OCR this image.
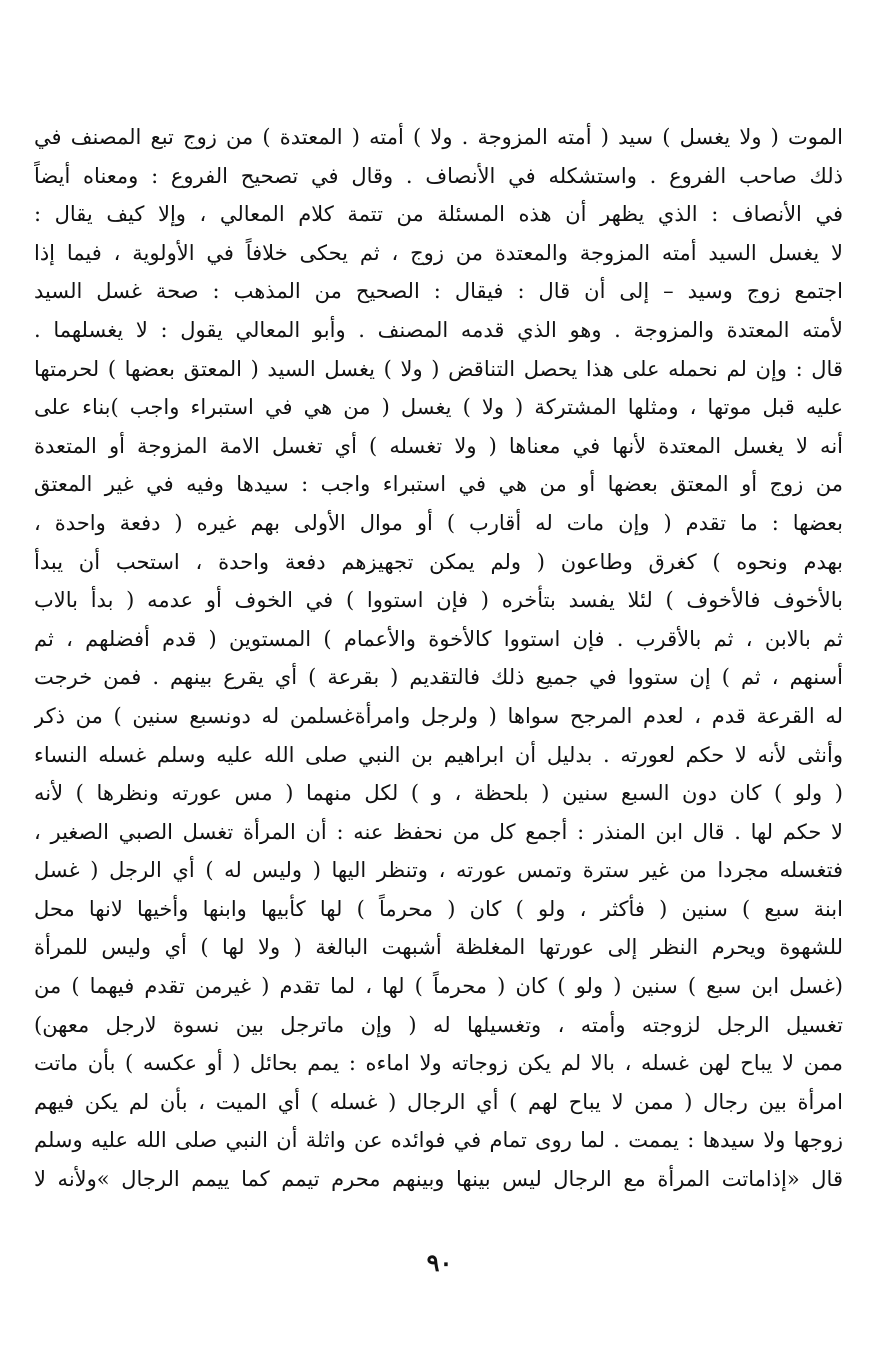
الموت ( ولا يغسل ) سيد ( أمته المزوجة . ولا ) أمته ( المعتدة ) من زوج تبع المصنف في
ذلك صاحب الفروع . واستشكله في الأنصاف . وقال في تصحيح الفروع : ومعناه أيضاً
في الأنصاف : الذي يظهر أن هذه المسئلة من تتمة كلام المعالي ، وإلا كيف يقال :
لا يغسل السيد أمته المزوجة والمعتدة من زوج ، ثم يحكى خلافاً في الأولوية ، فيما إذا
اجتمع زوج وسيد – إلى أن قال : فيقال : الصحيح من المذهب : صحة غسل السيد
لأمته المعتدة والمزوجة . وهو الذي قدمه المصنف . وأبو المعالي يقول : لا يغسلهما .
قال : وإن لم نحمله على هذا يحصل التناقض ( ولا ) يغسل السيد ( المعتق بعضها ) لحرمتها
عليه قبل موتها ، ومثلها المشتركة ( ولا ) يغسل ( من هي في استبراء واجب )بناء على
أنه لا يغسل المعتدة لأنها في معناها ( ولا تغسله ) أي تغسل الامة المزوجة أو المتعدة
من زوج أو المعتق بعضها أو من هي في استبراء واجب : سيدها وفيه في غير المعتق
بعضها : ما تقدم ( وإن مات له أقارب ) أو موال الأولى بهم غيره ( دفعة واحدة ،
بهدم ونحوه ) كغرق وطاعون ( ولم يمكن تجهيزهم دفعة واحدة ، استحب أن يبدأ
بالأخوف فالأخوف ) لئلا يفسد بتأخره ( فإن استووا ) في الخوف أو عدمه ( بدأ بالاب
ثم بالابن ، ثم بالأقرب . فإن استووا كالأخوة والأعمام ) المستوين ( قدم أفضلهم ، ثم
أسنهم ، ثم ) إن ستووا في جميع ذلك فالتقديم ( بقرعة ) أي يقرع بينهم . فمن خرجت
له القرعة قدم ، لعدم المرجح سواها ( ولرجل وامرأةغسلمن له دونسبع سنين ) من ذكر
وأنثى لأنه لا حكم لعورته . بدليل أن ابراهيم بن النبي صلى الله عليه وسلم غسله النساء
( ولو ) كان دون السبع سنين ( بلحظة ، و ) لكل منهما ( مس عورته ونظرها ) لأنه
لا حكم لها . قال ابن المنذر : أجمع كل من نحفظ عنه : أن المرأة تغسل الصبي الصغير ،
فتغسله مجردا من غير سترة وتمس عورته ، وتنظر اليها ( وليس له ) أي الرجل ( غسل
ابنة سبع ) سنين ( فأكثر ، ولو ) كان ( محرماً ) لها كأبيها وابنها وأخيها لانها محل
للشهوة ويحرم النظر إلى عورتها المغلظة أشبهت البالغة ( ولا لها ) أي وليس للمرأة
(غسل ابن سبع ) سنين ( ولو ) كان ( محرماً ) لها ، لما تقدم ( غيرمن تقدم فيهما ) من
تغسيل الرجل لزوجته وأمته ، وتغسيلها له ( وإن ماترجل بين نسوة لارجل معهن)
ممن لا يباح لهن غسله ، بالا لم يكن زوجاته ولا اماءه : يمم بحائل ( أو عكسه ) بأن ماتت
امرأة بين رجال ( ممن لا يباح لهم ) أي الرجال ( غسله ) أي الميت ، بأن لم يكن فيهم
زوجها ولا سيدها : يممت . لما روى تمام في فوائده عن واثلة أن النبي صلى الله عليه وسلم
قال «إذاماتت المرأة مع الرجال ليس بينها وبينهم محرم تيمم كما ييمم الرجال »ولأنه لا
٩٠
